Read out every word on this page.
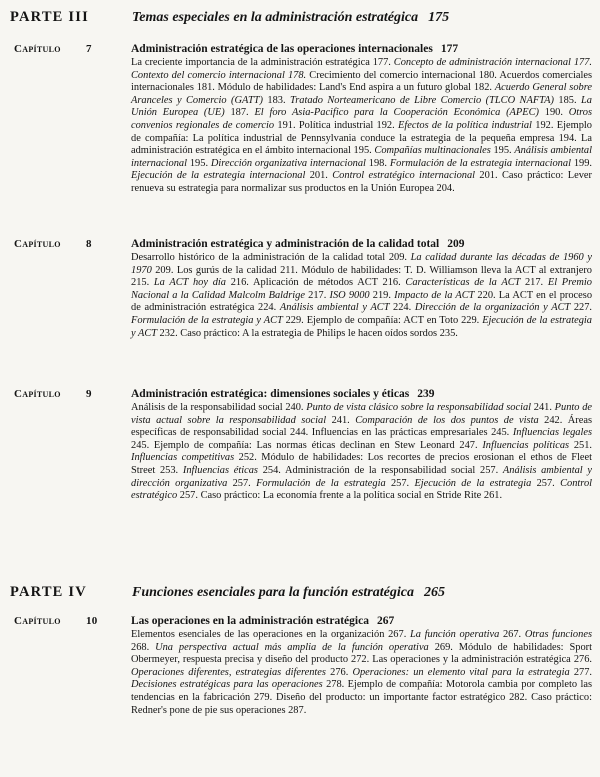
PARTE III	Temas especiales en la administración estratégica 175
Capítulo 7	Administración estratégica de las operaciones internacionales 177

La creciente importancia de la administración estratégica 177. Concepto de administración internacional 177. Contexto del comercio internacional 178. Crecimiento del comercio internacional 180. Acuerdos comerciales internacionales 181. Módulo de habilidades: Land's End aspira a un futuro global 182. Acuerdo General sobre Aranceles y Comercio (GATT) 183. Tratado Norteamericano de Libre Comercio (TLCO NAFTA) 185. La Unión Europea (UE) 187. El foro Asia-Pacifico para la Cooperación Económica (APEC) 190. Otros convenios regionales de comercio 191. Política industrial 192. Efectos de la política industrial 192. Ejemplo de compañía: La política industrial de Pennsylvania conduce la estrategia de la pequeña empresa 194. La administración estratégica en el ámbito internacional 195. Compañías multinacionales 195. Análisis ambiental internacional 195. Dirección organizativa internacional 198. Formulación de la estrategia internacional 199. Ejecución de la estrategia internacional 201. Control estratégico internacional 201. Caso práctico: Lever renueva su estrategia para normalizar sus productos en la Unión Europea 204.

Capítulo 8	Administración estratégica y administración de la calidad total 209

Desarrollo histórico de la administración de la calidad total 209. La calidad durante las décadas de 1960 y 1970 209. Los gurús de la calidad 211. Módulo de habilidades: T. D. Williamson lleva la ACT al extranjero 215. La ACT hoy día 216. Aplicación de métodos ACT 216. Características de la ACT 217. El Premio Nacional a la Calidad Malcolm Baldrige 217. ISO 9000 219. Impacto de la ACT 220. La ACT en el proceso de administración estratégica 224. Análisis ambiental y ACT 224. Dirección de la organización y ACT 227. Formulación de la estrategia y ACT 229. Ejemplo de compañía: ACT en Toto 229. Ejecución de la estrategia y ACT 232. Caso práctico: A la estrategia de Philips le hacen oídos sordos 235.

Capítulo 9	Administración estratégica: dimensiones sociales y éticas 239

Análisis de la responsabilidad social 240. Punto de vista clásico sobre la responsabilidad social 241. Punto de vista actual sobre la responsabilidad social 241. Comparación de los dos puntos de vista 242. Áreas específicas de responsabilidad social 244. Influencias en las prácticas empresariales 245. Influencias legales 245. Ejemplo de compañía: Las normas éticas declinan en Stew Leonard 247. Influencias políticas 251. Influencias competitivas 252. Módulo de habilidades: Los recortes de precios erosionan el ethos de Fleet Street 253. Influencias éticas 254. Administración de la responsabilidad social 257. Análisis ambiental y dirección organizativa 257. Formulación de la estrategia 257. Ejecución de la estrategia 257. Control estratégico 257. Caso práctico: La economía frente a la política social en Stride Rite 261.

PARTE IV	Funciones esenciales para la función estratégica 265
Capítulo 10	Las operaciones en la administración estratégica 267

Elementos esenciales de las operaciones en la organización 267. La función operativa 267. Otras funciones 268. Una perspectiva actual más amplia de la función operativa 269. Módulo de habilidades: Sport Obermeyer, respuesta precisa y diseño del producto 272. Las operaciones y la administración estratégica 276. Operaciones diferentes, estrategias diferentes 276. Operaciones: un elemento vital para la estrategia 277. Decisiones estratégicas para las operaciones 278. Ejemplo de compañía: Motorola cambia por completo las tendencias en la fabricación 279. Diseño del producto: un importante factor estratégico 282. Caso práctico: Redner's pone de pie sus operaciones 287.
